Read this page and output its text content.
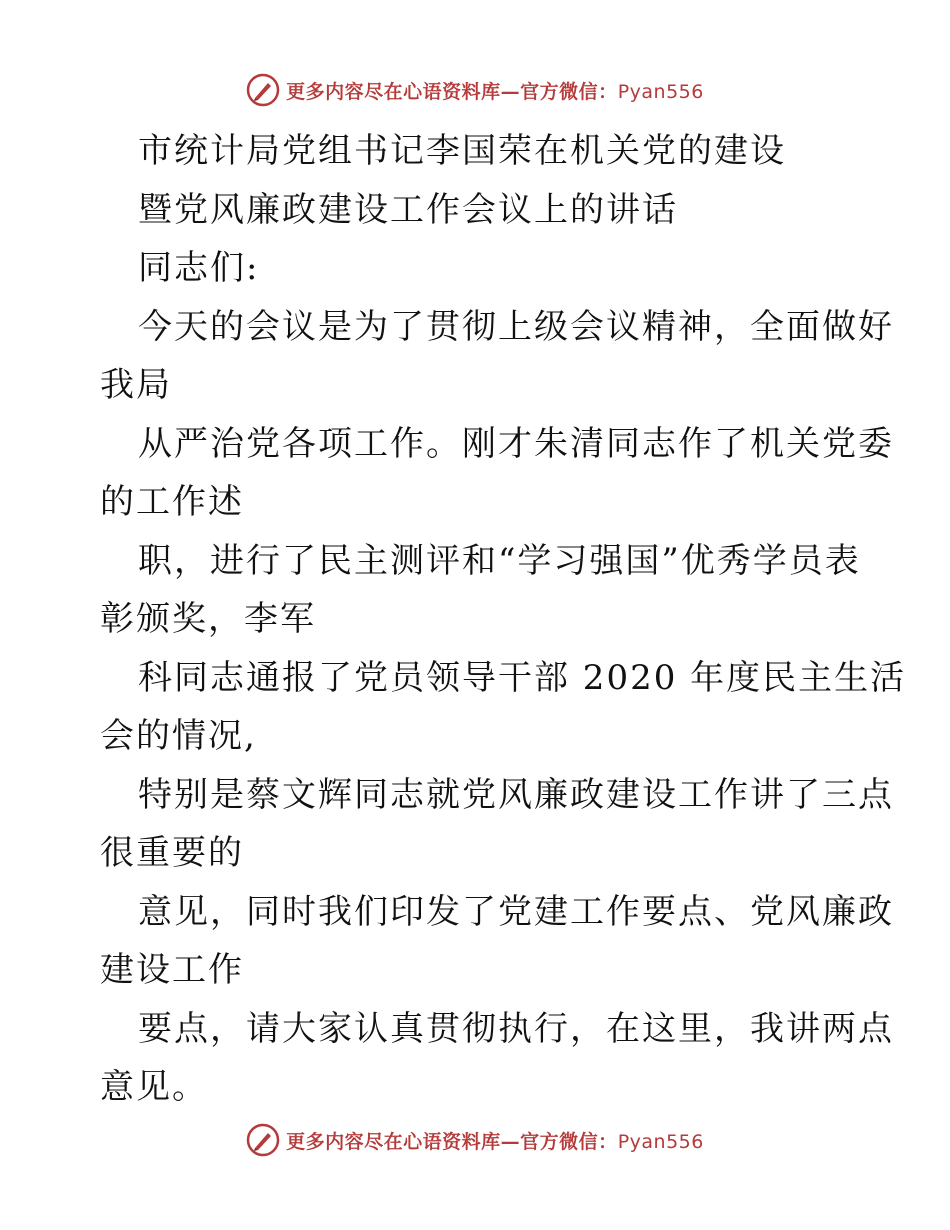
更多内容尽在心语资料库—官方微信：Pyan556
市统计局党组书记李国荣在机关党的建设
暨党风廉政建设工作会议上的讲话
同志们:
今天的会议是为了贯彻上级会议精神，全面做好
我局
从严治党各项工作。刚才朱清同志作了机关党委
的工作述
职，进行了民主测评和“学习强国”优秀学员表
彰颁奖，李军
科同志通报了党员领导干部 2020 年度民主生活
会的情况,
特别是蔡文辉同志就党风廉政建设工作讲了三点
很重要的
意见，同时我们印发了党建工作要点、党风廉政
建设工作
要点，请大家认真贯彻执行，在这里，我讲两点
意见。
更多内容尽在心语资料库—官方微信：Pyan556
